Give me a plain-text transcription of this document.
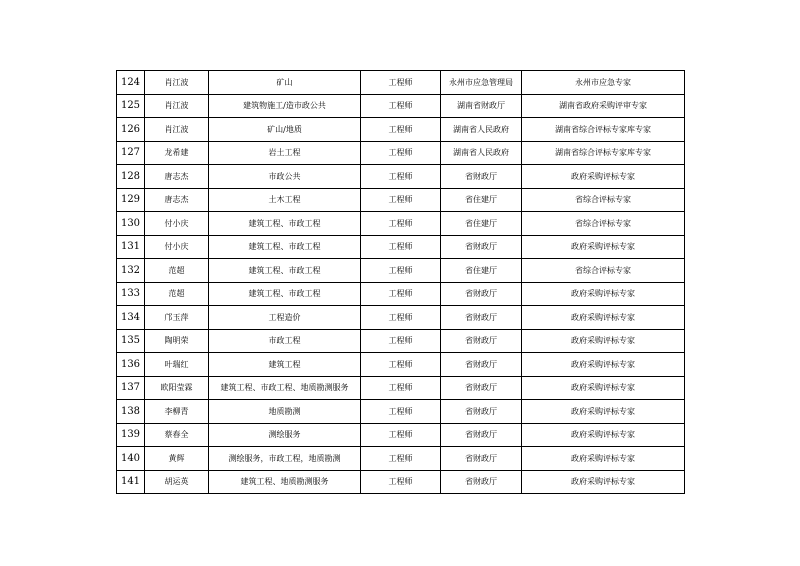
124	肖江波	矿山	工程师	永州市应急管理局	永州市应急专家
125	肖江波	建筑物施工/造市政公共	工程师	湖南省财政厅	湖南省政府采购评审专家
126	肖江波	矿山/地质	工程师	湖南省人民政府	湖南省综合评标专家库专家
127	龙希建	岩土工程	工程师	湖南省人民政府	湖南省综合评标专家库专家
128	唐志杰	市政公共	工程师	省财政厅	政府采购评标专家
129	唐志杰	土木工程	工程师	省住建厅	省综合评标专家
130	付小庆	建筑工程、市政工程	工程师	省住建厅	省综合评标专家
131	付小庆	建筑工程、市政工程	工程师	省财政厅	政府采购评标专家
132	范超	建筑工程、市政工程	工程师	省住建厅	省综合评标专家
133	范超	建筑工程、市政工程	工程师	省财政厅	政府采购评标专家
134	邝玉萍	工程造价	工程师	省财政厅	政府采购评标专家
135	陶明荣	市政工程	工程师	省财政厅	政府采购评标专家
136	叶瑞红	建筑工程	工程师	省财政厅	政府采购评标专家
137	欧阳莹霖	建筑工程、市政工程、地质勘测服务	工程师	省财政厅	政府采购评标专家
138	李柳青	地质勘测	工程师	省财政厅	政府采购评标专家
139	蔡春全	测绘服务	工程师	省财政厅	政府采购评标专家
140	黄辉	测绘服务，市政工程，地质勘测	工程师	省财政厅	政府采购评标专家
141	胡运英	建筑工程、地质勘测服务	工程师	省财政厅	政府采购评标专家
